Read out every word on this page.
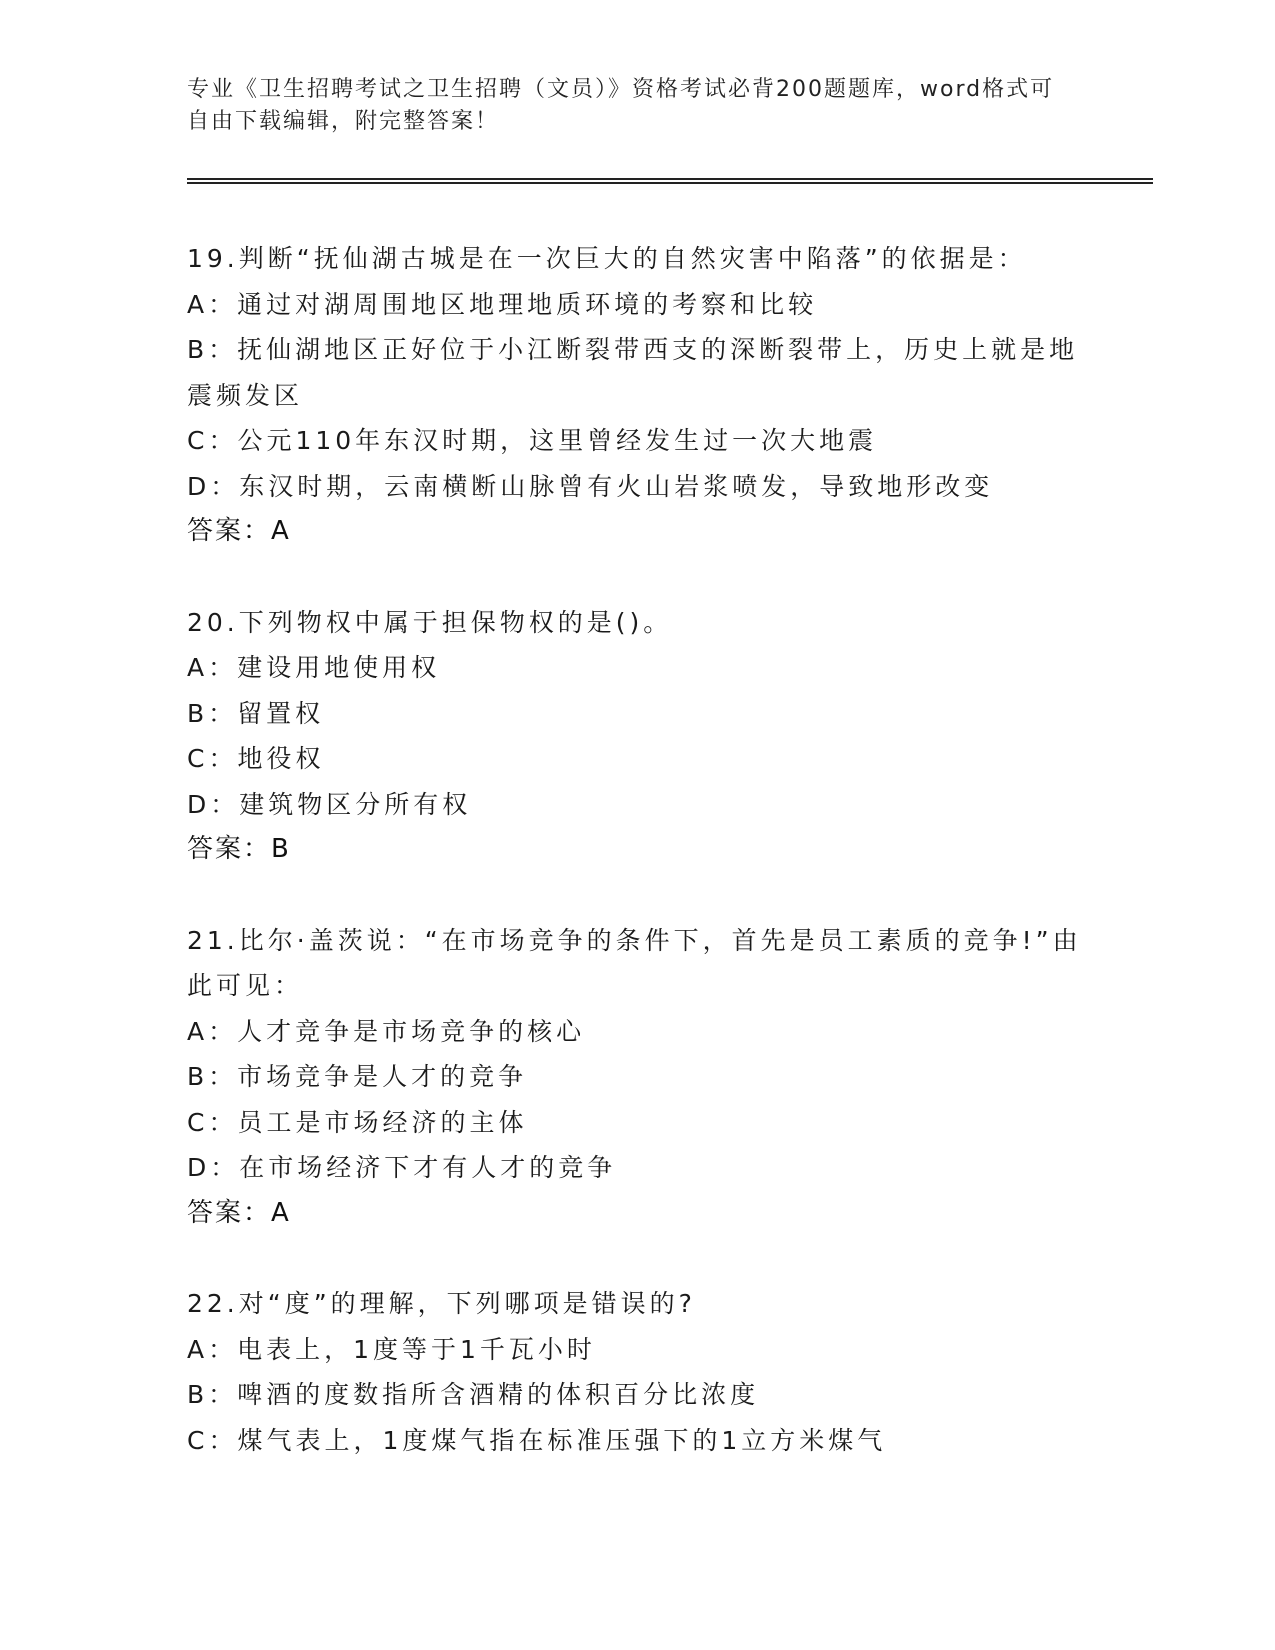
专业《卫生招聘考试之卫生招聘（文员）》资格考试必背200题题库，word格式可自由下载编辑，附完整答案！
19.判断“抚仙湖古城是在一次巨大的自然灾害中陷落”的依据是：
A：通过对湖周围地区地理地质环境的考察和比较
B：抚仙湖地区正好位于小江断裂带西支的深断裂带上，历史上就是地震频发区
C：公元110年东汉时期，这里曾经发生过一次大地震
D：东汉时期，云南横断山脉曾有火山岩浆喷发，导致地形改变
答案：A
20.下列物权中属于担保物权的是()。
A：建设用地使用权
B：留置权
C：地役权
D：建筑物区分所有权
答案：B
21.比尔·盖茨说：“在市场竞争的条件下，首先是员工素质的竞争!”由此可见：
A：人才竞争是市场竞争的核心
B：市场竞争是人才的竞争
C：员工是市场经济的主体
D：在市场经济下才有人才的竞争
答案：A
22.对“度”的理解，下列哪项是错误的?
A：电表上，1度等于1千瓦小时
B：啤酒的度数指所含酒精的体积百分比浓度
C：煤气表上，1度煤气指在标准压强下的1立方米煤气
